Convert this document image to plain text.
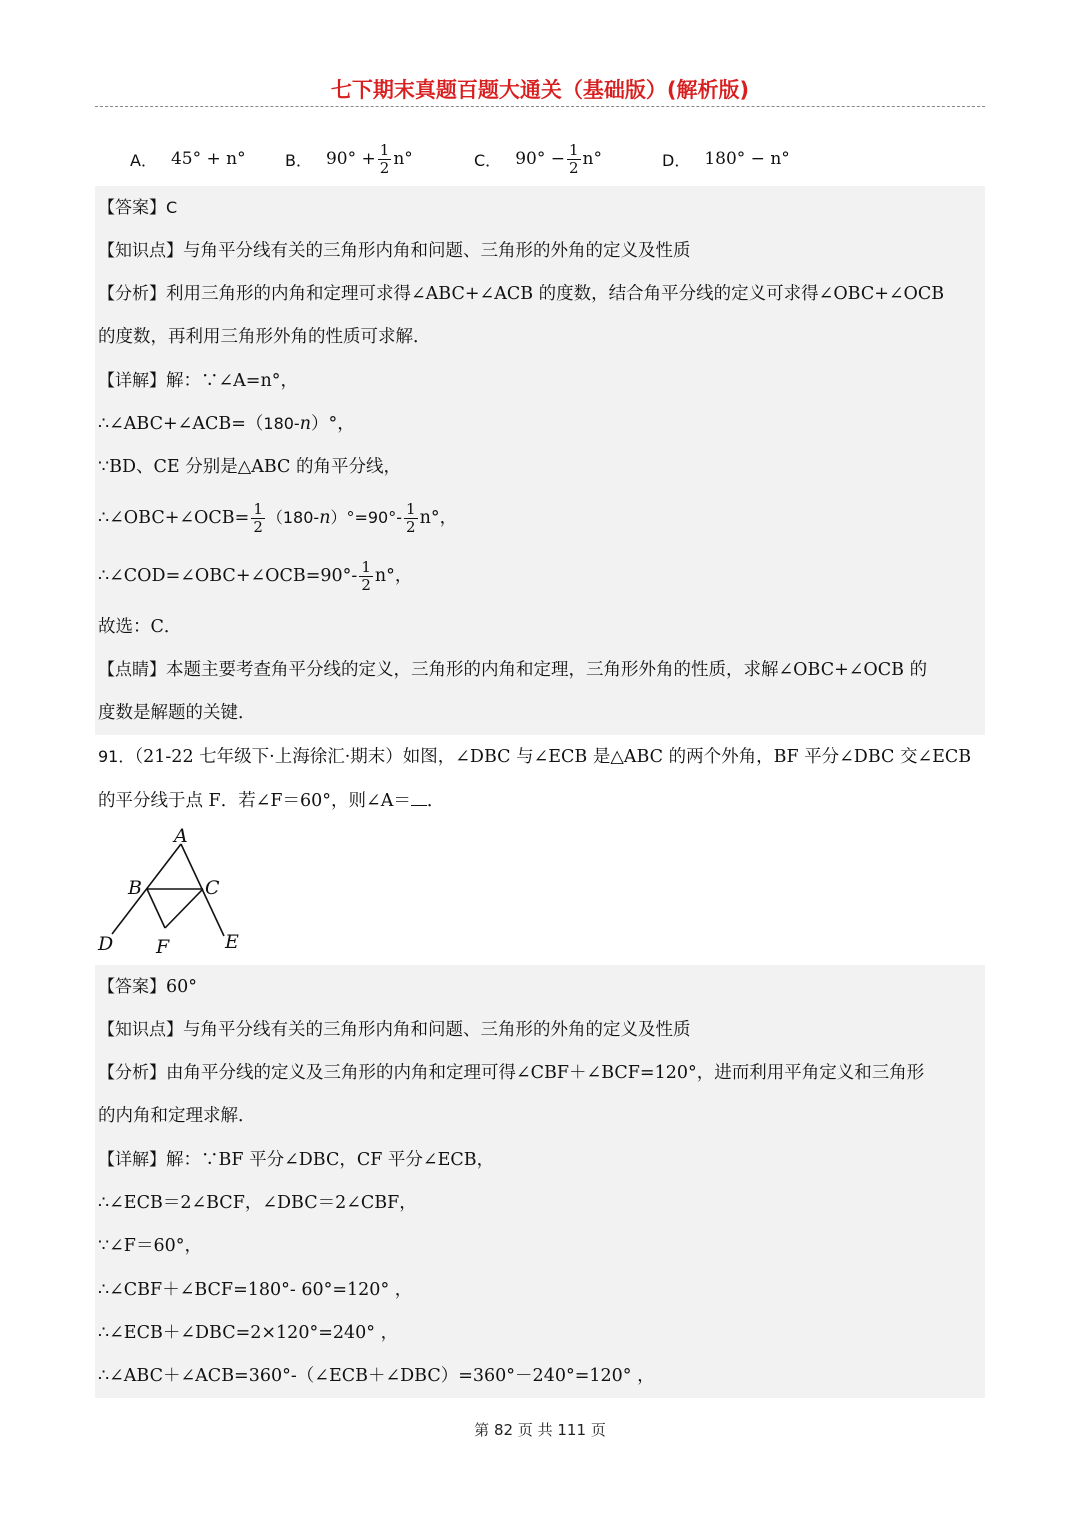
七下期末真题百题大通关（基础版）(解析版)
A． 45° + n° B． $90^\circ + \frac{1}{2} n^\circ$	C． $90^\circ - \frac{1}{2} n^\circ$	D． 180° − n°
【答案】C
【知识点】与角平分线有关的三角形内角和问题、三角形的外角的定义及性质
【分析】利用三角形的内角和定理可求得∠ABC+∠ACB 的度数，结合角平分线的定义可求得∠OBC+∠OCB
的度数，再利用三角形外角的性质可求解．
【详解】解：∵∠A=n°，
∴∠ABC+∠ACB=（180-n）°，
∵BD、CE 分别是△ABC 的角平分线，
∴∠OBC+∠OCB= $\frac{1}{2} (180-$ n ）$^\circ=90^\circ- \frac{1}{2} n^\circ$，
∴∠COD=∠OBC+∠OCB=90°- $\frac{1}{2} n^\circ$，
故选：C．
【点睛】本题主要考查角平分线的定义，三角形的内角和定理，三角形外角的性质，求解∠OBC+∠OCB 的
度数是解题的关键．
91．（21-22 七年级下·上海徐汇·期末）如图，∠DBC 与∠ECB 是△ABC 的两个外角，BF 平分∠DBC 交∠ECB
的平分线于点 F．若∠F＝60°，则∠A＝ ．
A
B	C
D	E
F
【答案】60°
【知识点】与角平分线有关的三角形内角和问题、三角形的外角的定义及性质
【分析】由角平分线的定义及三角形的内角和定理可得∠CBF＋∠BCF=120°，进而利用平角定义和三角形
的内角和定理求解．
【详解】解：∵BF 平分∠DBC，CF 平分∠ECB，
∴∠ECB＝2∠BCF，∠DBC＝2∠CBF，
∵∠F＝60°，
∴∠CBF＋∠BCF=180°- 60°=120° ，
∴∠ECB＋∠DBC=2×120°=240° ，
∴∠ABC＋∠ACB=360°-（∠ECB＋∠DBC）=360°－240°=120° ，
第 82 页 共 111 页
